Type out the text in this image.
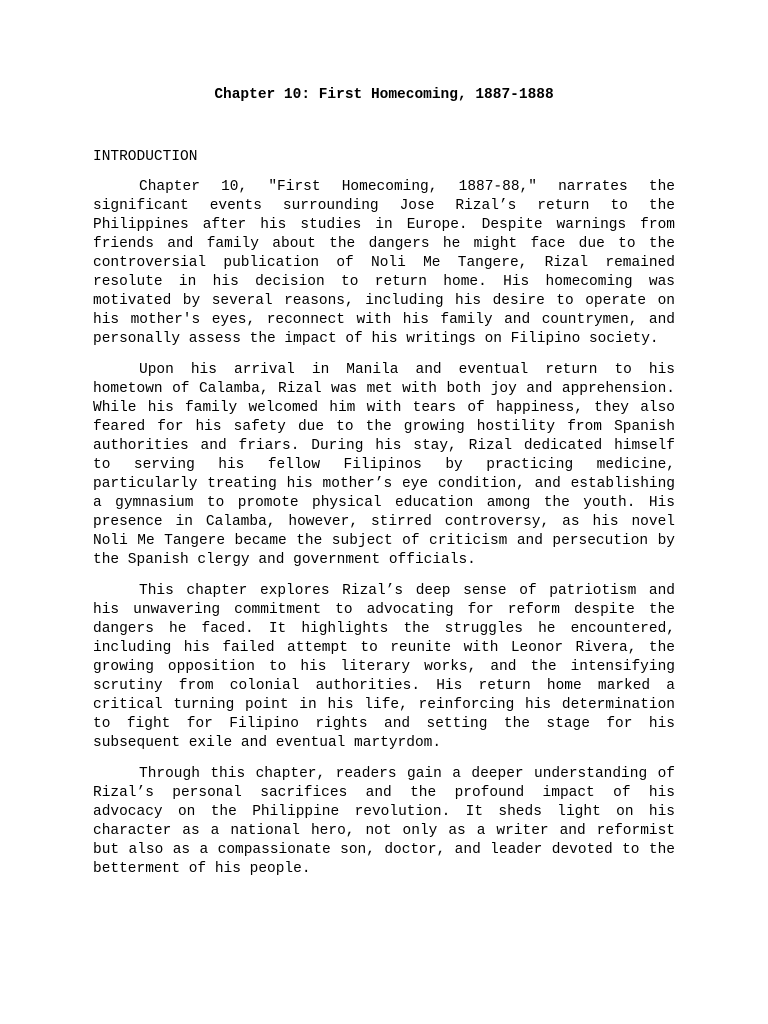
Chapter 10: First Homecoming, 1887-1888

INTRODUCTION

Chapter 10, "First Homecoming, 1887-88," narrates the significant events surrounding Jose Rizal’s return to the Philippines after his studies in Europe. Despite warnings from friends and family about the dangers he might face due to the controversial publication of Noli Me Tangere, Rizal remained resolute in his decision to return home. His homecoming was motivated by several reasons, including his desire to operate on his mother's eyes, reconnect with his family and countrymen, and personally assess the impact of his writings on Filipino society.

Upon his arrival in Manila and eventual return to his hometown of Calamba, Rizal was met with both joy and apprehension. While his family welcomed him with tears of happiness, they also feared for his safety due to the growing hostility from Spanish authorities and friars. During his stay, Rizal dedicated himself to serving his fellow Filipinos by practicing medicine, particularly treating his mother’s eye condition, and establishing a gymnasium to promote physical education among the youth. His presence in Calamba, however, stirred controversy, as his novel Noli Me Tangere became the subject of criticism and persecution by the Spanish clergy and government officials.

This chapter explores Rizal’s deep sense of patriotism and his unwavering commitment to advocating for reform despite the dangers he faced. It highlights the struggles he encountered, including his failed attempt to reunite with Leonor Rivera, the growing opposition to his literary works, and the intensifying scrutiny from colonial authorities. His return home marked a critical turning point in his life, reinforcing his determination to fight for Filipino rights and setting the stage for his subsequent exile and eventual martyrdom.

Through this chapter, readers gain a deeper understanding of Rizal’s personal sacrifices and the profound impact of his advocacy on the Philippine revolution. It sheds light on his character as a national hero, not only as a writer and reformist but also as a compassionate son, doctor, and leader devoted to the betterment of his people.
